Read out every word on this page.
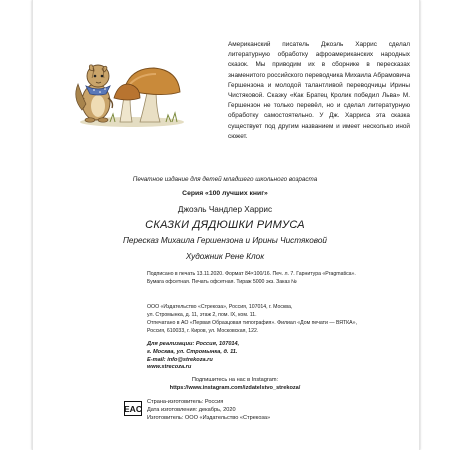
Американский писатель Джоэль Харрис сделал литературную обработку афроамериканских народных сказок. Мы приводим их в сборнике в пересказах знаменитого российского переводчика Михаила Абрамовича Гершензона и молодой талантливой переводчицы Ирины Чистяковой. Сказку «Как Братец Кролик победил Льва» М. Гершензон не только перевёл, но и сделал литературную обработку самостоятельно. У Дж. Харриса эта сказка существует под другим названием и имеет несколько иной сюжет.
Печатное издание для детей младшего школьного возраста
Серия «100 лучших книг»
Джоэль Чандлер Харрис
СКАЗКИ ДЯДЮШКИ РИМУСА
Пересказ Михаила Гершензона и Ирины Чистяковой
Художник Рене Клок

Подписано в печать 13.11.2020. Формат 84×100/16. Печ. л. 7. Гарнитура «Pragmatica».

Бумага офсетная. Печать офсетная. Тираж 5000 экз. Заказ №

ООО «Издательство «Стрекоза», Россия, 107014, г. Москва,

ул. Стромынка, д. 11, этаж 2, пом. IX, ком. 11.

Отпечатано в АО «Первая Образцовая типография». Филиал «Дом печати — ВЯТКА»,

Россия, 610033, г. Киров, ул. Московская, 122.

Для реализации: Россия, 107014,

г. Москва, ул. Стромынка, д. 11.

E-mail: info@strekoza.ru

www.strecoza.ru

Подпишитесь на нас в Instagram:

https://www.instagram.com/izdatelstvo_strekoza/

EAC

Страна-изготовитель: Россия

Дата изготовления: декабрь, 2020

Изготовитель: ООО «Издательство «Стрекоза»
